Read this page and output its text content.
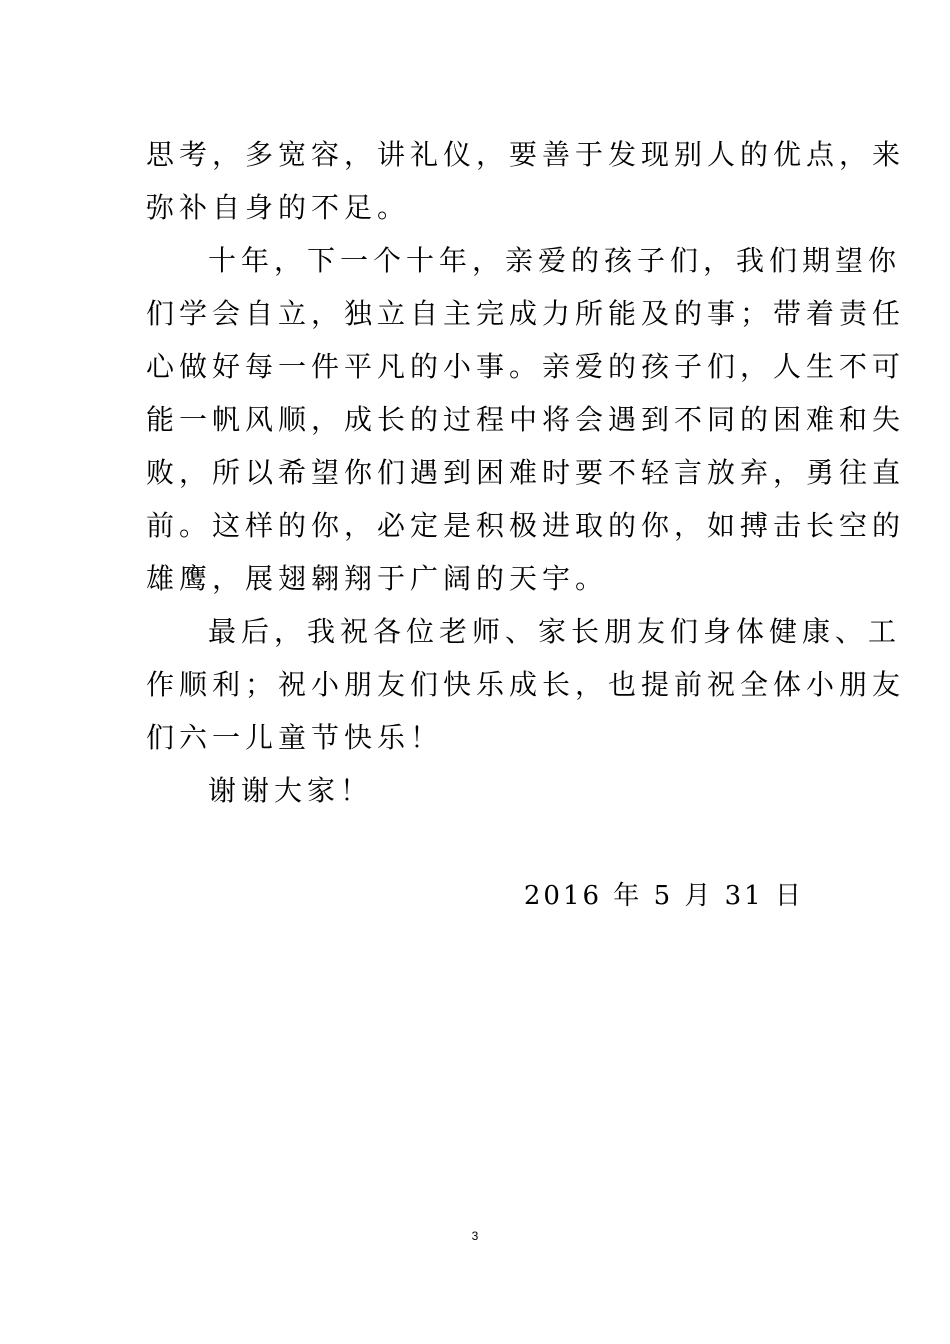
思考，多宽容，讲礼仪，要善于发现别人的优点，来
弥补自身的不足。
十年，下一个十年，亲爱的孩子们，我们期望你
们学会自立，独立自主完成力所能及的事；带着责任
心做好每一件平凡的小事。亲爱的孩子们，人生不可
能一帆风顺，成长的过程中将会遇到不同的困难和失
败，所以希望你们遇到困难时要不轻言放弃，勇往直
前。这样的你，必定是积极进取的你，如搏击长空的
雄鹰，展翅翱翔于广阔的天宇。
最后，我祝各位老师、家长朋友们身体健康、工
作顺利；祝小朋友们快乐成长，也提前祝全体小朋友
们六一儿童节快乐！
谢谢大家！
2016 年 5 月 31 日
3
